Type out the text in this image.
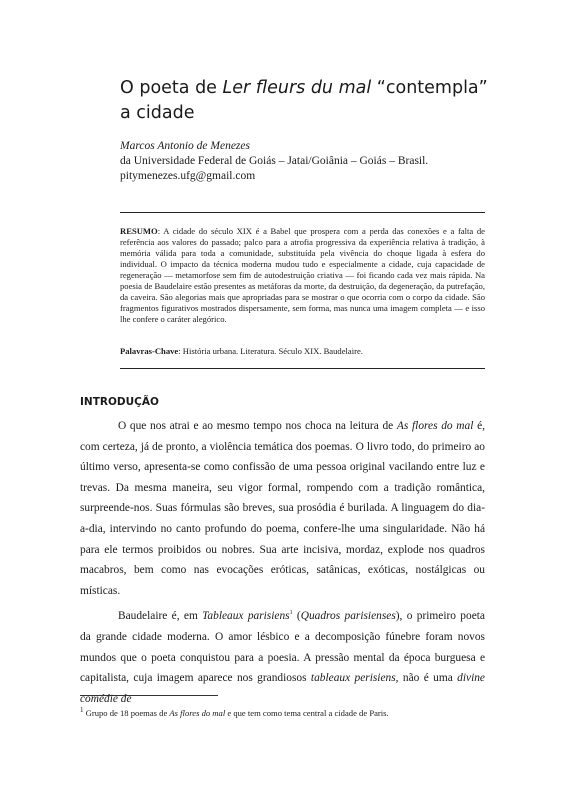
O poeta de Ler fleurs du mal “contempla” a cidade
Marcos Antonio de Menezes
da Universidade Federal de Goiás – Jatai/Goiânia – Goiás – Brasil.
pitymenezes.ufg@gmail.com
RESUMO: A cidade do século XIX é a Babel que prospera com a perda das conexões e a falta de referência aos valores do passado; palco para a atrofia progressiva da experiência relativa à tradição, à memória válida para toda a comunidade, substituída pela vivência do choque ligada à esfera do individual. O impacto da técnica moderna mudou tudo e especialmente a cidade, cuja capacidade de regeneração — metamorfose sem fim de autodestruição criativa — foi ficando cada vez mais rápida. Na poesia de Baudelaire estão presentes as metáforas da morte, da destruição, da degeneração, da putrefação, da caveira. São alegorias mais que apropriadas para se mostrar o que ocorria com o corpo da cidade. São fragmentos figurativos mostrados dispersamente, sem forma, mas nunca uma imagem completa — e isso lhe confere o caráter alegórico.
Palavras-Chave: História urbana. Literatura. Século XIX. Baudelaire.
INTRODUÇÃO

O que nos atrai e ao mesmo tempo nos choca na leitura de As flores do mal é, com certeza, já de pronto, a violência temática dos poemas. O livro todo, do primeiro ao último verso, apresenta-se como confissão de uma pessoa original vacilando entre luz e trevas. Da mesma maneira, seu vigor formal, rompendo com a tradição romântica, surpreende-nos. Suas fórmulas são breves, sua prosódia é burilada. A linguagem do dia-a-dia, intervindo no canto profundo do poema, confere-lhe uma singularidade. Não há para ele termos proibidos ou nobres. Sua arte incisiva, mordaz, explode nos quadros macabros, bem como nas evocações eróticas, satânicas, exóticas, nostálgicas ou místicas.

Baudelaire é, em Tableaux parisiens$^1$ (Quadros parisienses), o primeiro poeta da grande cidade moderna. O amor lésbico e a decomposição fúnebre foram novos mundos que o poeta conquistou para a poesia. A pressão mental da época burguesa e capitalista, cuja imagem aparece nos grandiosos tableaux perisiens, não é uma divine comédie de

$^1$ Grupo de 18 poemas de As flores do mal e que tem como tema central a cidade de Paris.
